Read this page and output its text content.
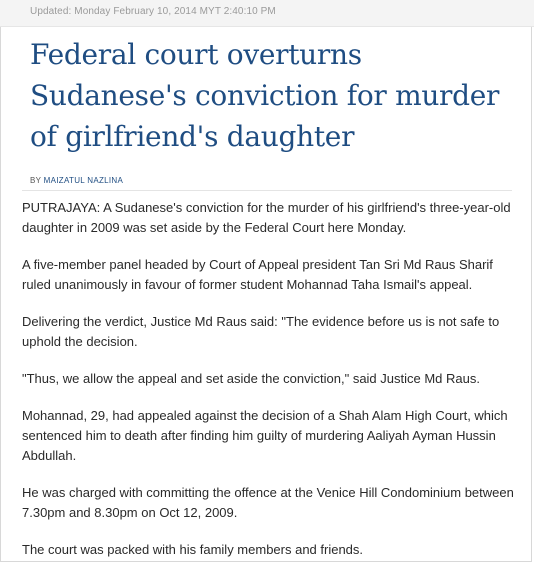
Updated: Monday February 10, 2014 MYT 2:40:10 PM
Federal court overturns Sudanese's conviction for murder of girlfriend's daughter
BY MAIZATUL NAZLINA

PUTRAJAYA: A Sudanese's conviction for the murder of his girlfriend's three-year-old daughter in 2009 was set aside by the Federal Court here Monday.

A five-member panel headed by Court of Appeal president Tan Sri Md Raus Sharif ruled unanimously in favour of former student Mohannad Taha Ismail's appeal.

Delivering the verdict, Justice Md Raus said: "The evidence before us is not safe to uphold the decision.

"Thus, we allow the appeal and set aside the conviction," said Justice Md Raus.

Mohannad, 29, had appealed against the decision of a Shah Alam High Court, which sentenced him to death after finding him guilty of murdering Aaliyah Ayman Hussin Abdullah.

He was charged with committing the offence at the Venice Hill Condominium between 7.30pm and 8.30pm on Oct 12, 2009.

The court was packed with his family members and friends.
